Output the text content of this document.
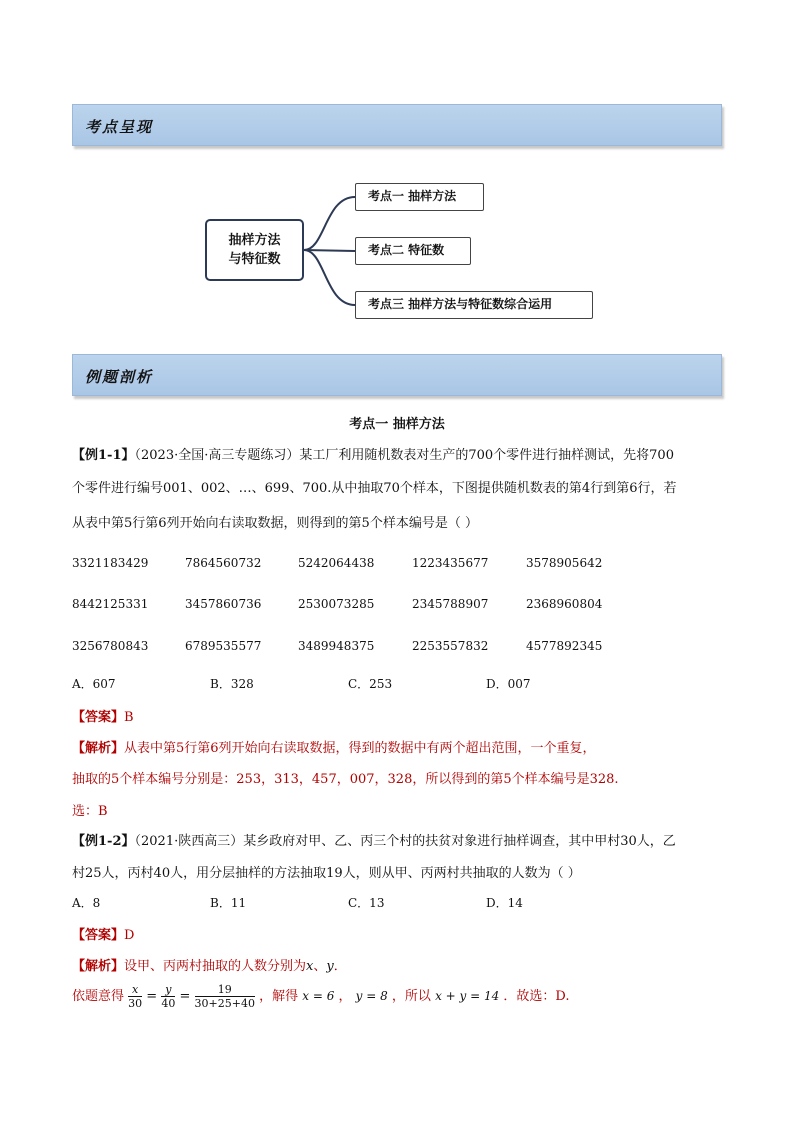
考点呈现
抽样方法
与特征数
考点一 抽样方法
考点二 特征数
考点三 抽样方法与特征数综合运用
例题剖析
考点一 抽样方法
【例1-1】（2023·全国·高三专题练习）某工厂利用随机数表对生产的700个零件进行抽样测试，先将700
个零件进行编号001、002、…、699、700.从中抽取70个样本，下图提供随机数表的第4行到第6行，若
从表中第5行第6列开始向右读取数据，则得到的第5个样本编号是（ ）
3321183429	7864560732	5242064438	1223435677	3578905642
8442125331	3457860736	2530073285	2345788907	2368960804
3256780843	6789535577	3489948375	2253557832	4577892345
A．607	B．328	C．253	D．007
【答案】B
【解析】从表中第5行第6列开始向右读取数据，得到的数据中有两个超出范围，一个重复，
抽取的5个样本编号分别是：253，313，457，007，328，所以得到的第5个样本编号是328.
选：B
【例1-2】（2021·陕西高三）某乡政府对甲、乙、丙三个村的扶贫对象进行抽样调查，其中甲村30人，乙
村25人，丙村40人，用分层抽样的方法抽取19人，则从甲、丙两村共抽取的人数为（ ）
A．8	B．11	C．13	D．14
【答案】D
【解析】设甲、丙两村抽取的人数分别为x、y．
依题意得 $\frac{x}{30} = \frac{y}{40} = \frac{19}{30+25+40}$ ，解得 x = 6 ， y = 8 ，所以 x + y = 14 ．故选：D.
